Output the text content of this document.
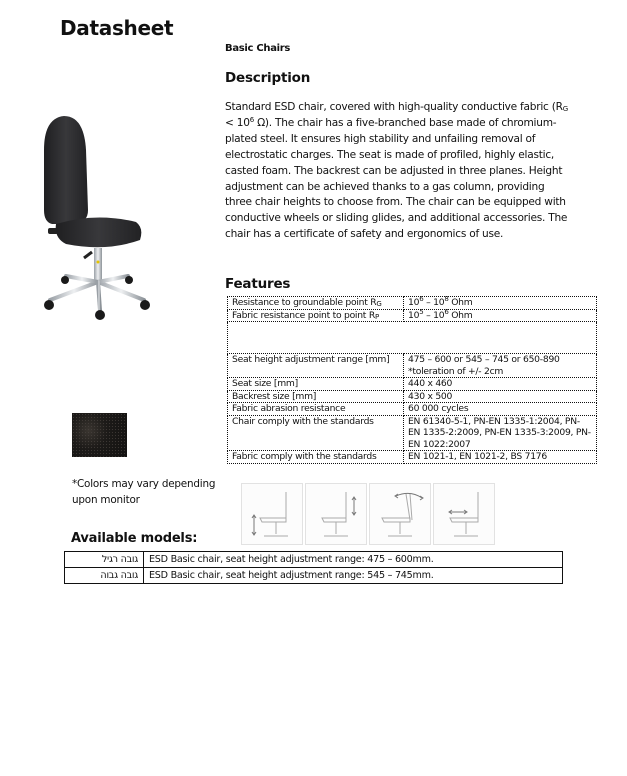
Datasheet
Basic Chairs
Description
Standard ESD chair, covered with high-quality conductive fabric ($R_G < 10^6$ Ω). The chair has a five-branched base made of chromium-plated steel. It ensures high stability and unfailing removal of electrostatic charges. The seat is made of profiled, highly elastic, casted foam. The backrest can be adjusted in three planes. Height adjustment can be achieved thanks to a gas column, providing three chair heights to choose from. The chair can be equipped with conductive wheels or sliding glides, and additional accessories. The chair has a certificate of safety and ergonomics of use.
Features
Resistance to groundable point $R_G$	$10^6 - 10^8$ Ohm
Fabric resistance point to point $R_P$	$10^5 - 10^6$ Ohm

Seat height adjustment range [mm]	475 – 600 or 545 – 745 or 650-890
*toleration of +/- 2cm

Seat size [mm]	440 x 460
Backrest size [mm]	430 x 500
Fabric abrasion resistance	60 000 cycles
Chair comply with the standards	EN 61340-5-1, PN-EN 1335-1:2004, PN-EN 1335-2:2009, PN-EN 1335-3:2009, PN-EN 1022:2007
Fabric comply with the standards	EN 1021-1, EN 1021-2, BS 7176
*Colors may vary depending upon monitor
Available models:
גובה רגיל	ESD Basic chair, seat height adjustment range: 475 – 600mm.
גובה גבוה	ESD Basic chair, seat height adjustment range: 545 – 745mm.
